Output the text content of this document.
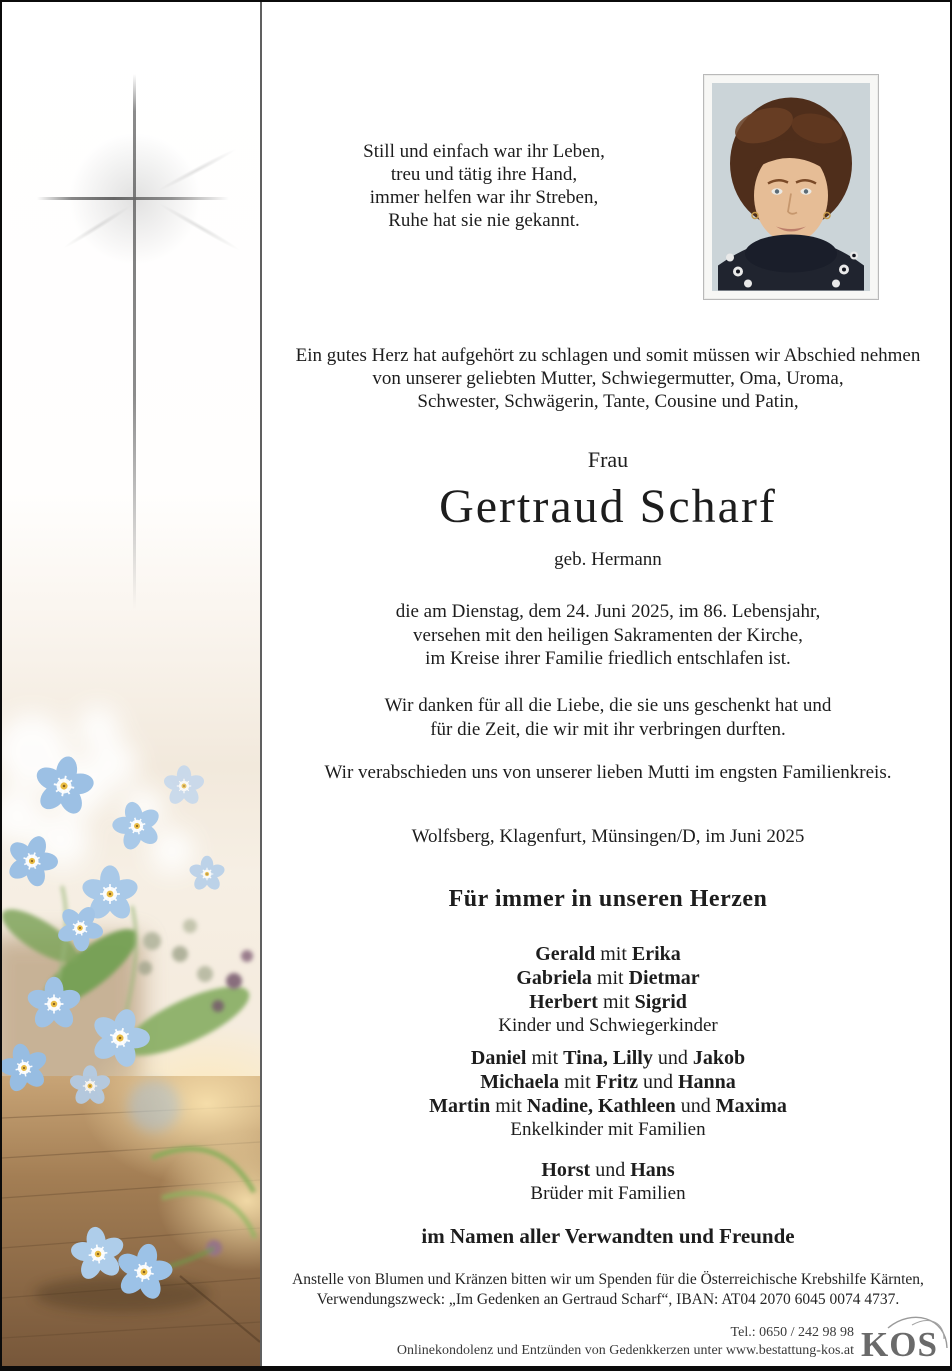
Still und einfach war ihr Leben,
treu und tätig ihre Hand,
immer helfen war ihr Streben,
Ruhe hat sie nie gekannt.
Ein gutes Herz hat aufgehört zu schlagen und somit müssen wir Abschied nehmen
von unserer geliebten Mutter, Schwiegermutter, Oma, Uroma,
Schwester, Schwägerin, Tante, Cousine und Patin,
Frau
Gertraud Scharf
geb. Hermann
die am Dienstag, dem 24. Juni 2025, im 86. Lebensjahr,
versehen mit den heiligen Sakramenten der Kirche,
im Kreise ihrer Familie friedlich entschlafen ist.
Wir danken für all die Liebe, die sie uns geschenkt hat und
für die Zeit, die wir mit ihr verbringen durften.
Wir verabschieden uns von unserer lieben Mutti im engsten Familienkreis.
Wolfsberg, Klagenfurt, Münsingen/D, im Juni 2025
Für immer in unseren Herzen
Gerald mit Erika
Gabriela mit Dietmar
Herbert mit Sigrid
Kinder und Schwiegerkinder
Daniel mit Tina, Lilly und Jakob
Michaela mit Fritz und Hanna
Martin mit Nadine, Kathleen und Maxima
Enkelkinder mit Familien
Horst und Hans
Brüder mit Familien
im Namen aller Verwandten und Freunde
Anstelle von Blumen und Kränzen bitten wir um Spenden für die Österreichische Krebshilfe Kärnten,
Verwendungszweck: „Im Gedenken an Gertraud Scharf“, IBAN: AT04 2070 6045 0074 4737.
Tel.: 0650 / 242 98 98
Onlinekondolenz und Entzünden von Gedenkkerzen unter www.bestattung-kos.at KOS
